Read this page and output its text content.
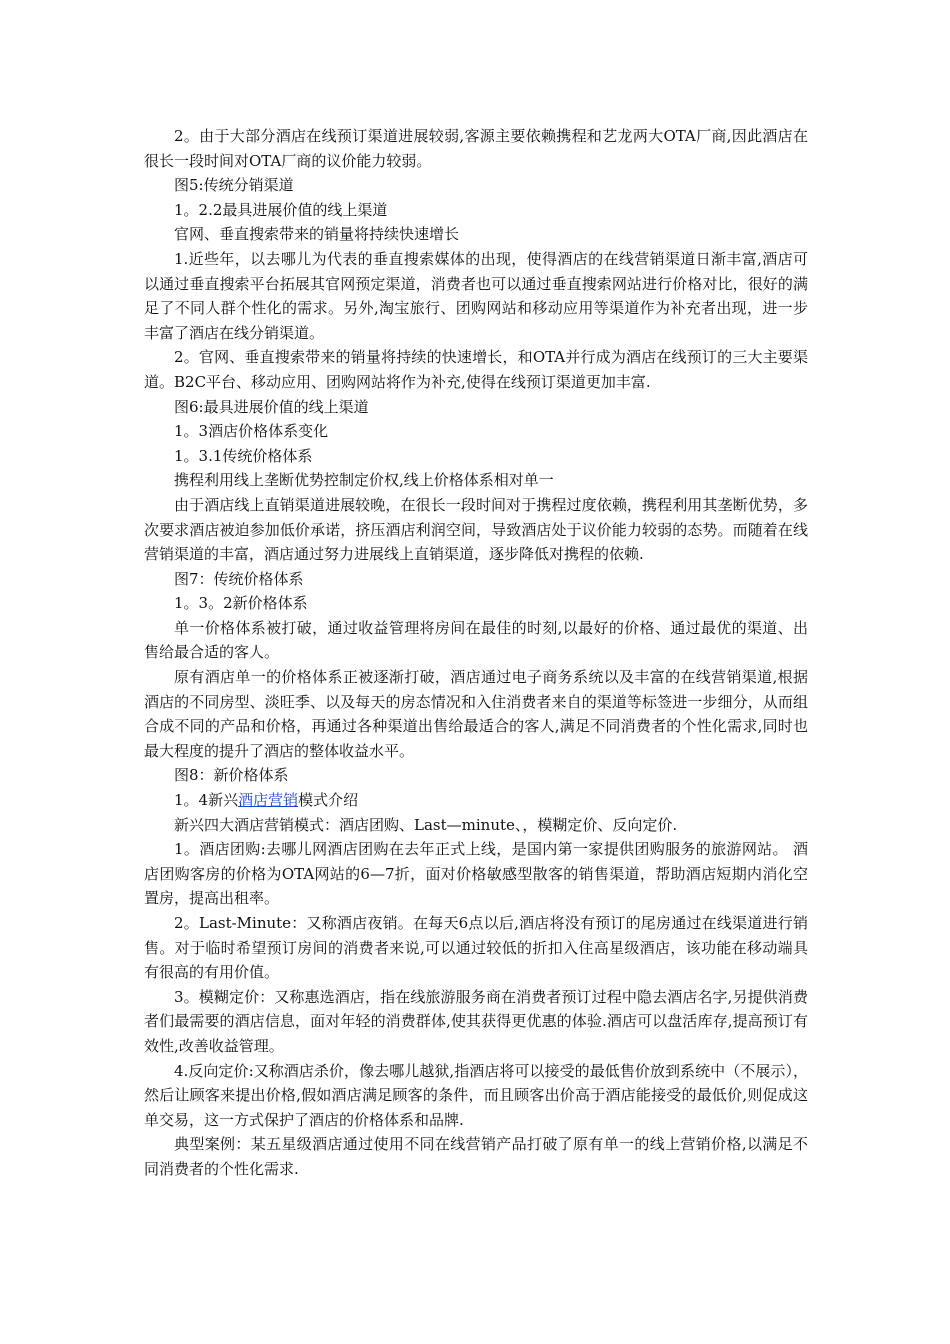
2。由于大部分酒店在线预订渠道进展较弱,客源主要依赖携程和艺龙两大OTA厂商,因此酒店在很长一段时间对OTA厂商的议价能力较弱。

图5:传统分销渠道

1。2.2最具进展价值的线上渠道

官网、垂直搜索带来的销量将持续快速增长

1.近些年，以去哪儿为代表的垂直搜索媒体的出现，使得酒店的在线营销渠道日渐丰富,酒店可以通过垂直搜索平台拓展其官网预定渠道，消费者也可以通过垂直搜索网站进行价格对比，很好的满足了不同人群个性化的需求。另外,淘宝旅行、团购网站和移动应用等渠道作为补充者出现，进一步丰富了酒店在线分销渠道。

2。官网、垂直搜索带来的销量将持续的快速增长，和OTA并行成为酒店在线预订的三大主要渠道。B2C平台、移动应用、团购网站将作为补充,使得在线预订渠道更加丰富.

图6:最具进展价值的线上渠道

1。3酒店价格体系变化

1。3.1传统价格体系

携程利用线上垄断优势控制定价权,线上价格体系相对单一

由于酒店线上直销渠道进展较晚，在很长一段时间对于携程过度依赖，携程利用其垄断优势，多次要求酒店被迫参加低价承诺，挤压酒店利润空间，导致酒店处于议价能力较弱的态势。而随着在线营销渠道的丰富，酒店通过努力进展线上直销渠道，逐步降低对携程的依赖.

图7：传统价格体系

1。3。2新价格体系

单一价格体系被打破，通过收益管理将房间在最佳的时刻,以最好的价格、通过最优的渠道、出售给最合适的客人。

原有酒店单一的价格体系正被逐渐打破，酒店通过电子商务系统以及丰富的在线营销渠道,根据酒店的不同房型、淡旺季、以及每天的房态情况和入住消费者来自的渠道等标签进一步细分，从而组合成不同的产品和价格，再通过各种渠道出售给最适合的客人,满足不同消费者的个性化需求,同时也最大程度的提升了酒店的整体收益水平。

图8：新价格体系

1。4新兴酒店营销模式介绍

新兴四大酒店营销模式：酒店团购、Last—minute、，模糊定价、反向定价.

1。酒店团购:去哪儿网酒店团购在去年正式上线，是国内第一家提供团购服务的旅游网站。 酒店团购客房的价格为OTA网站的6—7折，面对价格敏感型散客的销售渠道，帮助酒店短期内消化空置房，提高出租率。

2。Last-Minute：又称酒店夜销。在每天6点以后,酒店将没有预订的尾房通过在线渠道进行销售。对于临时希望预订房间的消费者来说,可以通过较低的折扣入住高星级酒店，该功能在移动端具有很高的有用价值。

3。模糊定价：又称惠选酒店，指在线旅游服务商在消费者预订过程中隐去酒店名字,另提供消费者们最需要的酒店信息，面对年轻的消费群体,使其获得更优惠的体验.酒店可以盘活库存,提高预订有效性,改善收益管理。

4.反向定价:又称酒店杀价，像去哪儿越狱,指酒店将可以接受的最低售价放到系统中（不展示），然后让顾客来提出价格,假如酒店满足顾客的条件，而且顾客出价高于酒店能接受的最低价,则促成这单交易，这一方式保护了酒店的价格体系和品牌.

典型案例：某五星级酒店通过使用不同在线营销产品打破了原有单一的线上营销价格,以满足不同消费者的个性化需求.
